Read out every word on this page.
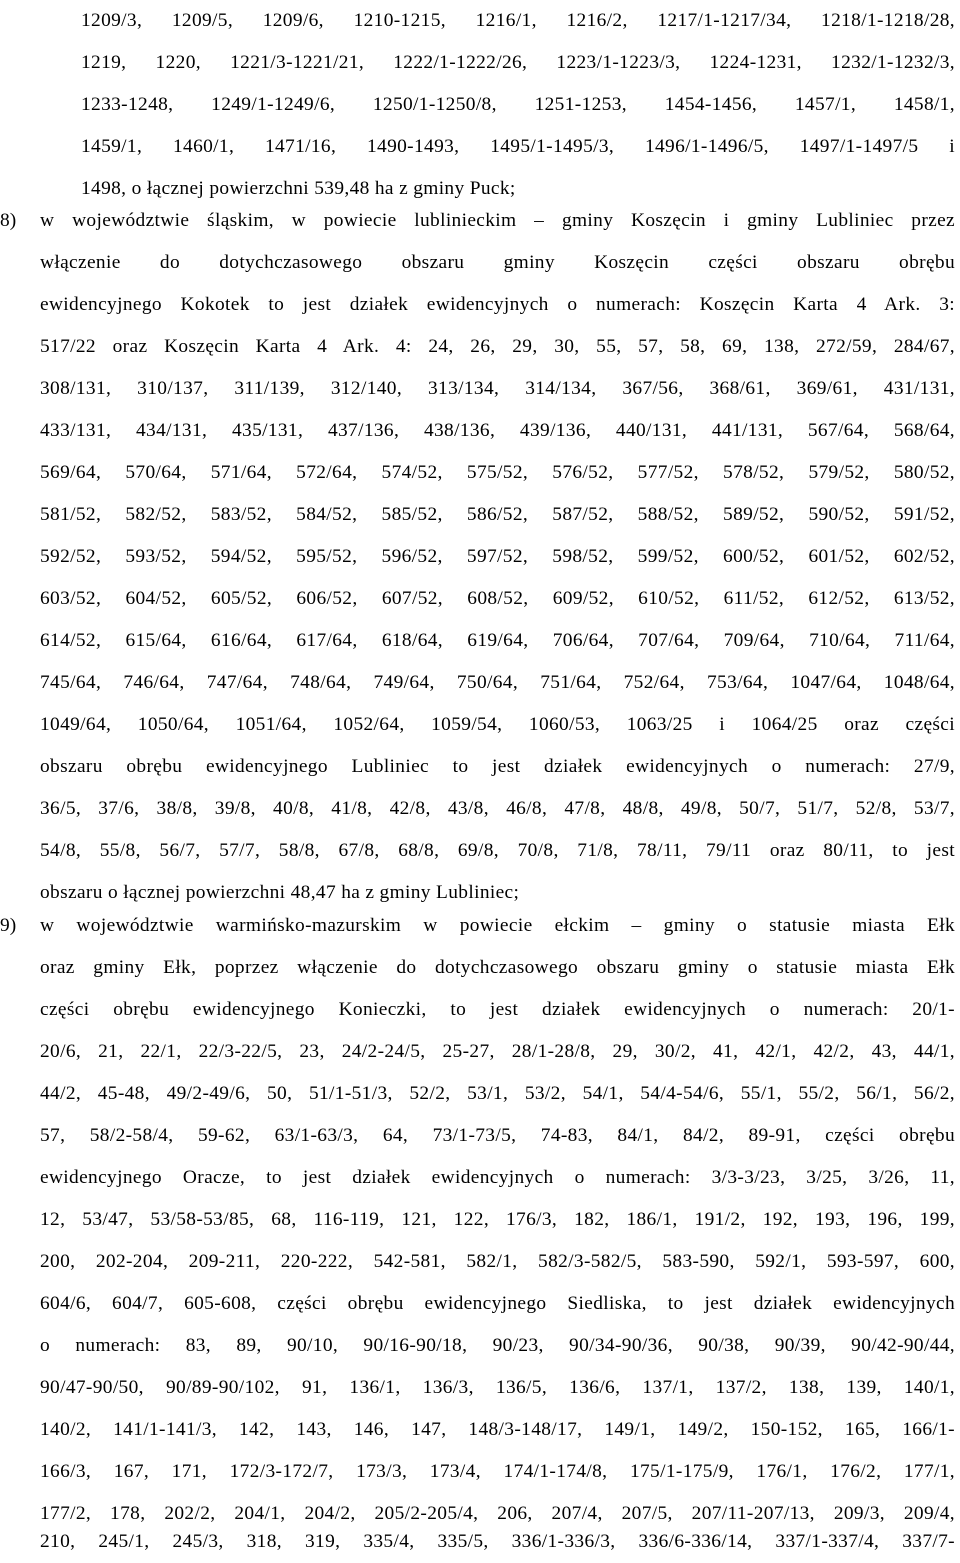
1209/3, 1209/5, 1209/6, 1210-1215, 1216/1, 1216/2, 1217/1-1217/34, 1218/1-1218/28,
1219, 1220, 1221/3-1221/21, 1222/1-1222/26, 1223/1-1223/3, 1224-1231, 1232/1-1232/3,
1233-1248, 1249/1-1249/6, 1250/1-1250/8, 1251-1253, 1454-1456, 1457/1, 1458/1,
1459/1, 1460/1, 1471/16, 1490-1493, 1495/1-1495/3, 1496/1-1496/5, 1497/1-1497/5 i
1498, o łącznej powierzchni 539,48 ha z gminy Puck;
8)	w województwie śląskim, w powiecie lublinieckim – gminy Koszęcin i gminy Lubliniec przez
włączenie do dotychczasowego obszaru gminy Koszęcin części obszaru obrębu
ewidencyjnego Kokotek to jest działek ewidencyjnych o numerach: Koszęcin Karta 4 Ark. 3:
517/22 oraz Koszęcin Karta 4 Ark. 4: 24, 26, 29, 30, 55, 57, 58, 69, 138, 272/59, 284/67,
308/131, 310/137, 311/139, 312/140, 313/134, 314/134, 367/56, 368/61, 369/61, 431/131,
433/131, 434/131, 435/131, 437/136, 438/136, 439/136, 440/131, 441/131, 567/64, 568/64,
569/64, 570/64, 571/64, 572/64, 574/52, 575/52, 576/52, 577/52, 578/52, 579/52, 580/52,
581/52, 582/52, 583/52, 584/52, 585/52, 586/52, 587/52, 588/52, 589/52, 590/52, 591/52,
592/52, 593/52, 594/52, 595/52, 596/52, 597/52, 598/52, 599/52, 600/52, 601/52, 602/52,
603/52, 604/52, 605/52, 606/52, 607/52, 608/52, 609/52, 610/52, 611/52, 612/52, 613/52,
614/52, 615/64, 616/64, 617/64, 618/64, 619/64, 706/64, 707/64, 709/64, 710/64, 711/64,
745/64, 746/64, 747/64, 748/64, 749/64, 750/64, 751/64, 752/64, 753/64, 1047/64, 1048/64,
1049/64, 1050/64, 1051/64, 1052/64, 1059/54, 1060/53, 1063/25 i 1064/25 oraz części
obszaru obrębu ewidencyjnego Lubliniec to jest działek ewidencyjnych o numerach: 27/9,
36/5, 37/6, 38/8, 39/8, 40/8, 41/8, 42/8, 43/8, 46/8, 47/8, 48/8, 49/8, 50/7, 51/7, 52/8, 53/7,
54/8, 55/8, 56/7, 57/7, 58/8, 67/8, 68/8, 69/8, 70/8, 71/8, 78/11, 79/11 oraz 80/11, to jest
obszaru o łącznej powierzchni 48,47 ha z gminy Lubliniec;
9)	w województwie warmińsko-mazurskim w powiecie ełckim – gminy o statusie miasta Ełk
oraz gminy Ełk, poprzez włączenie do dotychczasowego obszaru gminy o statusie miasta Ełk
części obrębu ewidencyjnego Konieczki, to jest działek ewidencyjnych o numerach: 20/1-
20/6, 21, 22/1, 22/3-22/5, 23, 24/2-24/5, 25-27, 28/1-28/8, 29, 30/2, 41, 42/1, 42/2, 43, 44/1,
44/2, 45-48, 49/2-49/6, 50, 51/1-51/3, 52/2, 53/1, 53/2, 54/1, 54/4-54/6, 55/1, 55/2, 56/1, 56/2,
57, 58/2-58/4, 59-62, 63/1-63/3, 64, 73/1-73/5, 74-83, 84/1, 84/2, 89-91, części obrębu
ewidencyjnego Oracze, to jest działek ewidencyjnych o numerach: 3/3-3/23, 3/25, 3/26, 11,
12, 53/47, 53/58-53/85, 68, 116-119, 121, 122, 176/3, 182, 186/1, 191/2, 192, 193, 196, 199,
200, 202-204, 209-211, 220-222, 542-581, 582/1, 582/3-582/5, 583-590, 592/1, 593-597, 600,
604/6, 604/7, 605-608, części obrębu ewidencyjnego Siedliska, to jest działek ewidencyjnych
o numerach: 83, 89, 90/10, 90/16-90/18, 90/23, 90/34-90/36, 90/38, 90/39, 90/42-90/44,
90/47-90/50, 90/89-90/102, 91, 136/1, 136/3, 136/5, 136/6, 137/1, 137/2, 138, 139, 140/1,
140/2, 141/1-141/3, 142, 143, 146, 147, 148/3-148/17, 149/1, 149/2, 150-152, 165, 166/1-
166/3, 167, 171, 172/3-172/7, 173/3, 173/4, 174/1-174/8, 175/1-175/9, 176/1, 176/2, 177/1,
177/2, 178, 202/2, 204/1, 204/2, 205/2-205/4, 206, 207/4, 207/5, 207/11-207/13, 209/3, 209/4,
210, 245/1, 245/3, 318, 319, 335/4, 335/5, 336/1-336/3, 336/6-336/14, 337/1-337/4, 337/7-
